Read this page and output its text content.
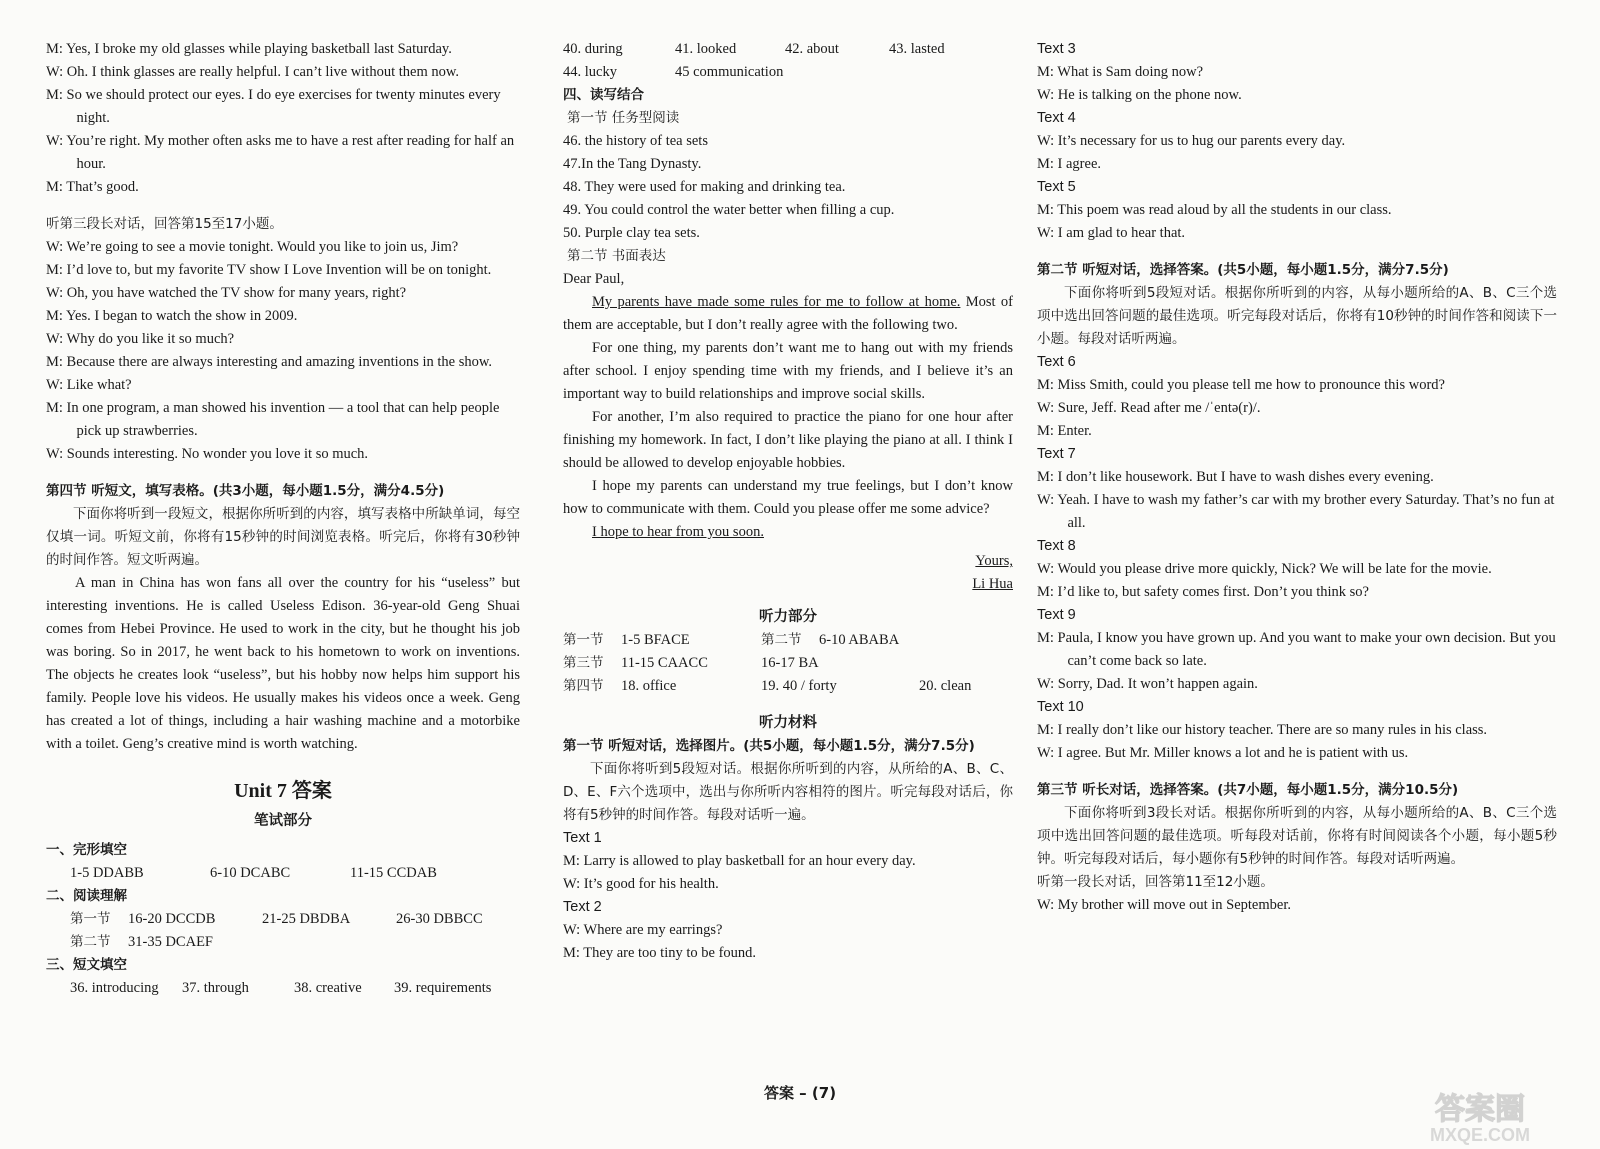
M: Yes, I broke my old glasses while playing basketball last Saturday.

W: Oh. I think glasses are really helpful. I can’t live without them now.

M: So we should protect our eyes. I do eye exercises for twenty minutes every night.

W: You’re right. My mother often asks me to have a rest after reading for half an hour.

M: That’s good.

听第三段长对话，回答第15至17小题。

W: We’re going to see a movie tonight. Would you like to join us, Jim?

M: I’d love to, but my favorite TV show I Love Invention will be on tonight.

W: Oh, you have watched the TV show for many years, right?

M: Yes. I began to watch the show in 2009.

W: Why do you like it so much?

M: Because there are always interesting and amazing inventions in the show.

W: Like what?

M: In one program, a man showed his invention — a tool that can help people pick up strawberries.

W: Sounds interesting. No wonder you love it so much.

第四节 听短文，填写表格。(共3小题，每小题1.5分，满分4.5分)

下面你将听到一段短文，根据你所听到的内容，填写表格中所缺单词，每空仅填一词。听短文前，你将有15秒钟的时间浏览表格。听完后，你将有30秒钟的时间作答。短文听两遍。

A man in China has won fans all over the country for his “useless” but interesting inventions. He is called Useless Edison. 36-year-old Geng Shuai comes from Hebei Province. He used to work in the city, but he thought his job was boring. So in 2017, he went back to his hometown to work on inventions. The objects he creates look “useless”, but his hobby now helps him support his family. People love his videos. He usually makes his videos once a week. Geng has created a lot of things, including a hair washing machine and a motorbike with a toilet. Geng’s creative mind is worth watching.

Unit 7 答案

笔试部分

一、完形填空

1-5 DDABB	6-10 DCABC	11-15 CCDAB

二、阅读理解

第一节	16-20 DCCDB	21-25 DBDBA	26-30 DBBCC
第二节	31-35 DCAEF

三、短文填空

36. introducing	37. through	38. creative	39. requirements
40. during	41. looked	42. about	43. lasted
44. lucky	45 communication

四、读写结合

第一节 任务型阅读

46. the history of tea sets

47.In the Tang Dynasty.

48. They were used for making and drinking tea.

49. You could control the water better when filling a cup.

50. Purple clay tea sets.

第二节 书面表达

Dear Paul,

My parents have made some rules for me to follow at home. Most of them are acceptable, but I don’t really agree with the following two.

For one thing, my parents don’t want me to hang out with my friends after school. I enjoy spending time with my friends, and I believe it’s an important way to build relationships and improve social skills.

For another, I’m also required to practice the piano for one hour after finishing my homework. In fact, I don’t like playing the piano at all. I think I should be allowed to develop enjoyable hobbies.

I hope my parents can understand my true feelings, but I don’t know how to communicate with them. Could you please offer me some advice?

I hope to hear from you soon.

Yours,

Li Hua

听力部分

第一节	1-5 BFACE	第二节	6-10 ABABA
第三节	11-15 CAACC	16-17 BA
第四节	18. office	19. 40 / forty	20. clean

听力材料

第一节 听短对话，选择图片。(共5小题，每小题1.5分，满分7.5分)

下面你将听到5段短对话。根据你所听到的内容，从所给的A、B、C、D、E、F六个选项中，选出与你所听内容相符的图片。听完每段对话后，你将有5秒钟的时间作答。每段对话听一遍。

Text 1

M: Larry is allowed to play basketball for an hour every day.

W: It’s good for his health.

Text 2

W: Where are my earrings?

M: They are too tiny to be found.

Text 3

M: What is Sam doing now?

W: He is talking on the phone now.

Text 4

W: It’s necessary for us to hug our parents every day.

M: I agree.

Text 5

M: This poem was read aloud by all the students in our class.

W: I am glad to hear that.

第二节 听短对话，选择答案。(共5小题，每小题1.5分，满分7.5分)

下面你将听到5段短对话。根据你所听到的内容，从每小题所给的A、B、C三个选项中选出回答问题的最佳选项。听完每段对话后，你将有10秒钟的时间作答和阅读下一小题。每段对话听两遍。

Text 6

M: Miss Smith, could you please tell me how to pronounce this word?

W: Sure, Jeff. Read after me /ˈentə(r)/.

M: Enter.

Text 7

M: I don’t like housework. But I have to wash dishes every evening.

W: Yeah. I have to wash my father’s car with my brother every Saturday. That’s no fun at all.

Text 8

W: Would you please drive more quickly, Nick? We will be late for the movie.

M: I’d like to, but safety comes first. Don’t you think so?

Text 9

M: Paula, I know you have grown up. And you want to make your own decision. But you can’t come back so late.

W: Sorry, Dad. It won’t happen again.

Text 10

M: I really don’t like our history teacher. There are so many rules in his class.

W: I agree. But Mr. Miller knows a lot and he is patient with us.

第三节 听长对话，选择答案。(共7小题，每小题1.5分，满分10.5分)

下面你将听到3段长对话。根据你所听到的内容，从每小题所给的A、B、C三个选项中选出回答问题的最佳选项。听每段对话前，你将有时间阅读各个小题，每小题5秒钟。听完每段对话后，每小题你有5秒钟的时间作答。每段对话听两遍。

听第一段长对话，回答第11至12小题。

W: My brother will move out in September.

答案 – (7)	答案圈
MXQE.COM
